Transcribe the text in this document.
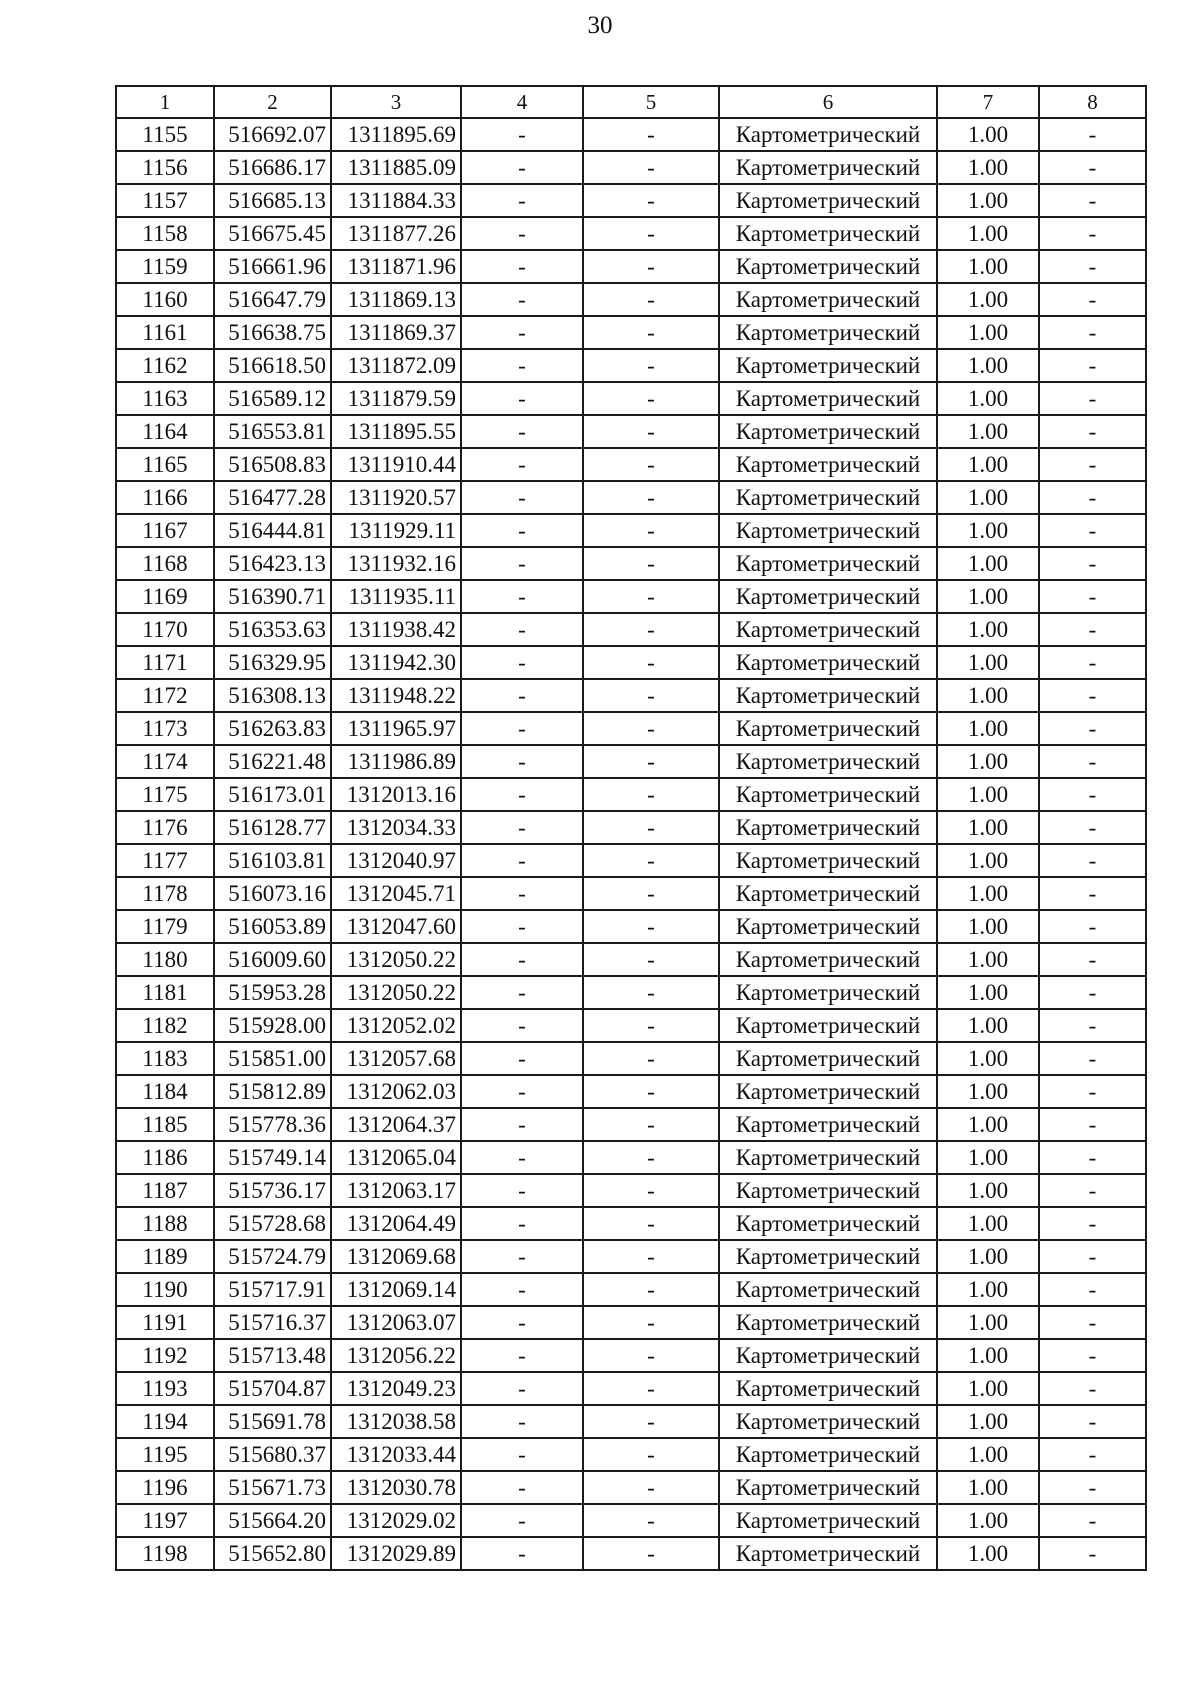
30
1	2	3	4	5	6	7	8
1155	516692.07	1311895.69	-	-	Картометрический	1.00	-
1156	516686.17	1311885.09	-	-	Картометрический	1.00	-
1157	516685.13	1311884.33	-	-	Картометрический	1.00	-
1158	516675.45	1311877.26	-	-	Картометрический	1.00	-
1159	516661.96	1311871.96	-	-	Картометрический	1.00	-
1160	516647.79	1311869.13	-	-	Картометрический	1.00	-
1161	516638.75	1311869.37	-	-	Картометрический	1.00	-
1162	516618.50	1311872.09	-	-	Картометрический	1.00	-
1163	516589.12	1311879.59	-	-	Картометрический	1.00	-
1164	516553.81	1311895.55	-	-	Картометрический	1.00	-
1165	516508.83	1311910.44	-	-	Картометрический	1.00	-
1166	516477.28	1311920.57	-	-	Картометрический	1.00	-
1167	516444.81	1311929.11	-	-	Картометрический	1.00	-
1168	516423.13	1311932.16	-	-	Картометрический	1.00	-
1169	516390.71	1311935.11	-	-	Картометрический	1.00	-
1170	516353.63	1311938.42	-	-	Картометрический	1.00	-
1171	516329.95	1311942.30	-	-	Картометрический	1.00	-
1172	516308.13	1311948.22	-	-	Картометрический	1.00	-
1173	516263.83	1311965.97	-	-	Картометрический	1.00	-
1174	516221.48	1311986.89	-	-	Картометрический	1.00	-
1175	516173.01	1312013.16	-	-	Картометрический	1.00	-
1176	516128.77	1312034.33	-	-	Картометрический	1.00	-
1177	516103.81	1312040.97	-	-	Картометрический	1.00	-
1178	516073.16	1312045.71	-	-	Картометрический	1.00	-
1179	516053.89	1312047.60	-	-	Картометрический	1.00	-
1180	516009.60	1312050.22	-	-	Картометрический	1.00	-
1181	515953.28	1312050.22	-	-	Картометрический	1.00	-
1182	515928.00	1312052.02	-	-	Картометрический	1.00	-
1183	515851.00	1312057.68	-	-	Картометрический	1.00	-
1184	515812.89	1312062.03	-	-	Картометрический	1.00	-
1185	515778.36	1312064.37	-	-	Картометрический	1.00	-
1186	515749.14	1312065.04	-	-	Картометрический	1.00	-
1187	515736.17	1312063.17	-	-	Картометрический	1.00	-
1188	515728.68	1312064.49	-	-	Картометрический	1.00	-
1189	515724.79	1312069.68	-	-	Картометрический	1.00	-
1190	515717.91	1312069.14	-	-	Картометрический	1.00	-
1191	515716.37	1312063.07	-	-	Картометрический	1.00	-
1192	515713.48	1312056.22	-	-	Картометрический	1.00	-
1193	515704.87	1312049.23	-	-	Картометрический	1.00	-
1194	515691.78	1312038.58	-	-	Картометрический	1.00	-
1195	515680.37	1312033.44	-	-	Картометрический	1.00	-
1196	515671.73	1312030.78	-	-	Картометрический	1.00	-
1197	515664.20	1312029.02	-	-	Картометрический	1.00	-
1198	515652.80	1312029.89	-	-	Картометрический	1.00	-
